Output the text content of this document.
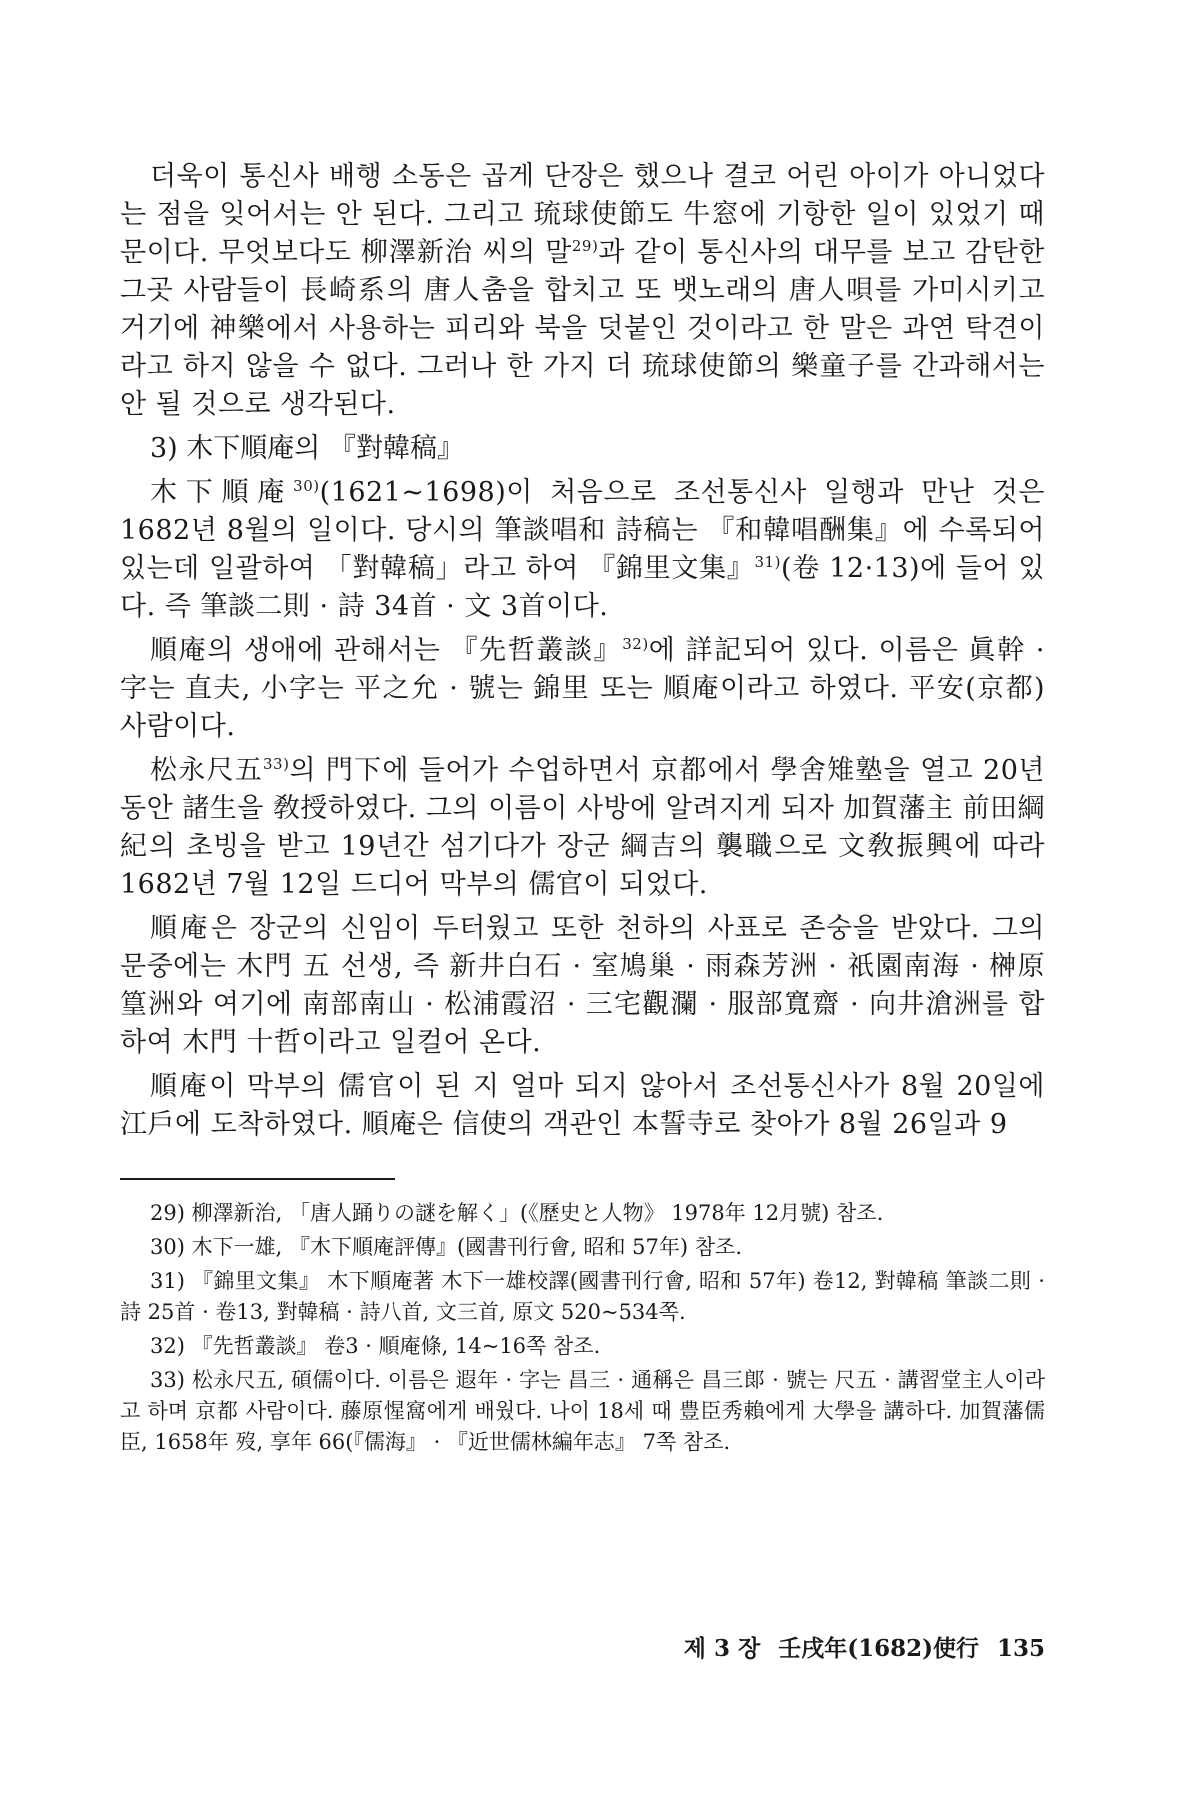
더욱이 통신사 배행 소동은 곱게 단장은 했으나 결코 어린 아이가 아니었다는 점을 잊어서는 안 된다. 그리고 琉球使節도 牛窓에 기항한 일이 있었기 때문이다. 무엇보다도 柳澤新治 씨의 말$^{29)}$과 같이 통신사의 대무를 보고 감탄한 그곳 사람들이 長崎系의 唐人춤을 합치고 또 뱃노래의 唐人唄를 가미시키고 거기에 神樂에서 사용하는 피리와 북을 덧붙인 것이라고 한 말은 과연 탁견이라고 하지 않을 수 없다. 그러나 한 가지 더 琉球使節의 樂童子를 간과해서는 안 될 것으로 생각된다.

3) 木下順庵의 『對韓稿』

木下順庵$^{30)}$(1621~1698)이 처음으로 조선통신사 일행과 만난 것은 1682년 8월의 일이다. 당시의 筆談唱和 詩稿는 『和韓唱酬集』에 수록되어 있는데 일괄하여 「對韓稿」라고 하여 『錦里文集』$^{31)}$(卷 12·13)에 들어 있다. 즉 筆談二則 · 詩 34首 · 文 3首이다.

順庵의 생애에 관해서는 『先哲叢談』$^{32)}$에 詳記되어 있다. 이름은 眞幹 · 字는 直夫, 小字는 平之允 · 號는 錦里 또는 順庵이라고 하였다. 平安(京都) 사람이다.

松永尺五$^{33)}$의 門下에 들어가 수업하면서 京都에서 學舍雉塾을 열고 20년 동안 諸生을 敎授하였다. 그의 이름이 사방에 알려지게 되자 加賀藩主 前田綱紀의 초빙을 받고 19년간 섬기다가 장군 綱吉의 襲職으로 文敎振興에 따라 1682년 7월 12일 드디어 막부의 儒官이 되었다.

順庵은 장군의 신임이 두터웠고 또한 천하의 사표로 존숭을 받았다. 그의 문중에는 木門 五 선생, 즉 新井白石 · 室鳩巢 · 雨森芳洲 · 祇園南海 · 榊原篁洲와 여기에 南部南山 · 松浦霞沼 · 三宅觀瀾 · 服部寬齋 · 向井滄洲를 합하여 木門 十哲이라고 일컬어 온다.

順庵이 막부의 儒官이 된 지 얼마 되지 않아서 조선통신사가 8월 20일에 江戶에 도착하였다. 順庵은 信使의 객관인 本誓寺로 찾아가 8월 26일과 9

29) 柳澤新治, 「唐人踊りの謎を解く」(《歷史と人物》 1978年 12月號) 참조.

30) 木下一雄, 『木下順庵評傳』(國書刊行會, 昭和 57年) 참조.

31) 『錦里文集』 木下順庵著 木下一雄校譯(國書刊行會, 昭和 57年) 卷12, 對韓稿 筆談二則 · 詩 25首 · 卷13, 對韓稿 · 詩八首, 文三首, 原文 520~534쪽.

32) 『先哲叢談』 卷3 · 順庵條, 14~16쪽 참조.

33) 松永尺五, 碩儒이다. 이름은 遐年 · 字는 昌三 · 通稱은 昌三郞 · 號는 尺五 · 講習堂主人이라고 하며 京都 사람이다. 藤原惺窩에게 배웠다. 나이 18세 때 豊臣秀賴에게 大學을 講하다. 加賀藩儒臣, 1658年 歿, 享年 66(『儒海』 · 『近世儒林編年志』 7쪽 참조.

제 3 장 壬戌年(1682)使行 135
